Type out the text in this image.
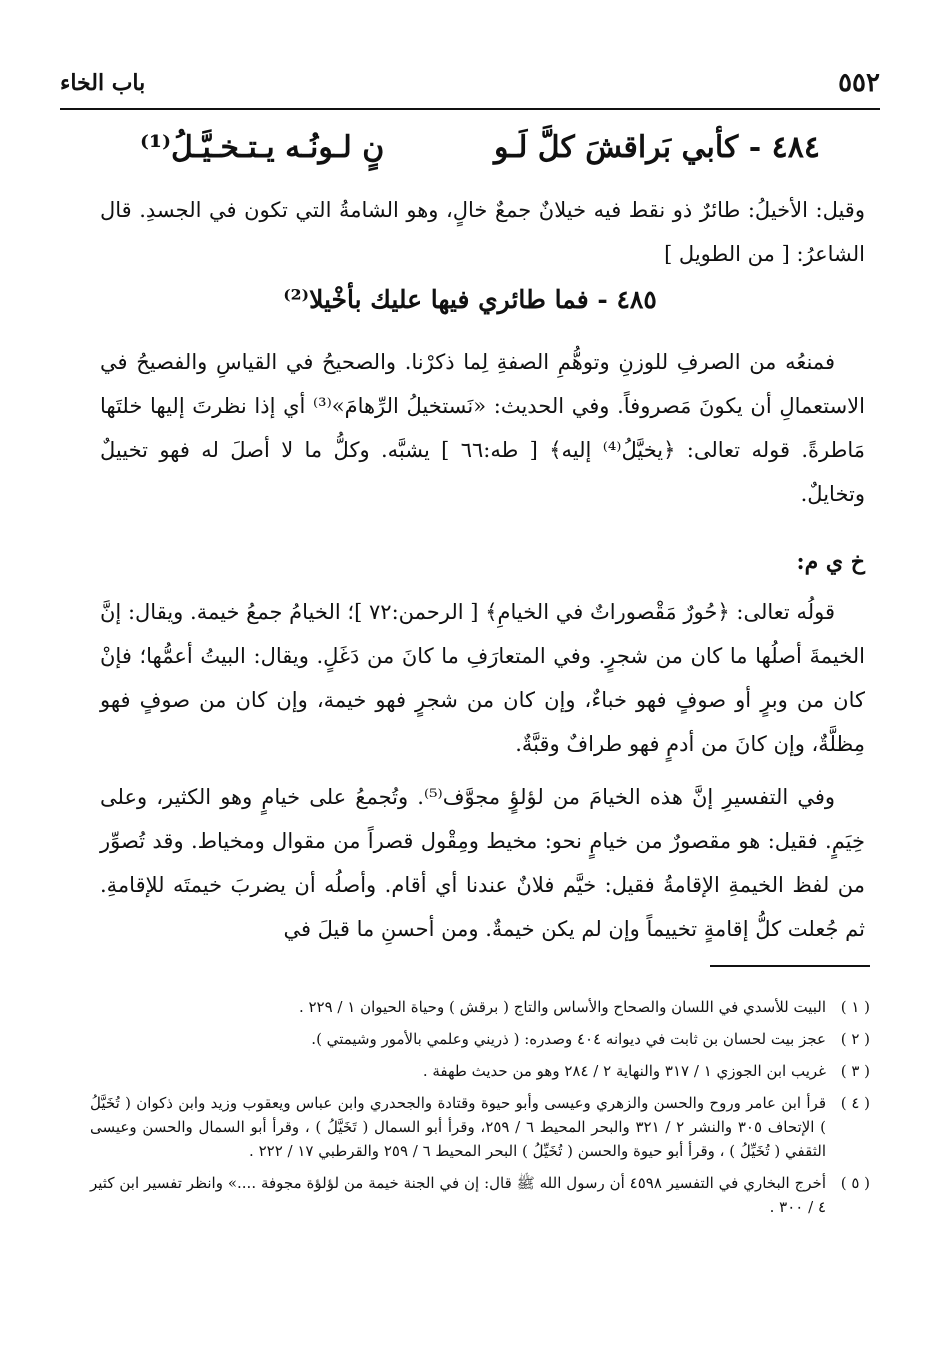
٥٥٢
باب الخاء
٤٨٤ - كأبي بَراقشَ كلَّ لَـو
نٍ لـونُـه يـتـخـيَّـلُ⁽¹⁾
وقيل: الأخيلُ: طائرٌ ذو نقط فيه خيلانٌ جمعٌ خالٍ، وهو الشامةُ التي تكون في الجسدِ. قال الشاعرُ: [ من الطويل ]
٤٨٥ - فما طائري فيها عليك بأخْيلا⁽²⁾
فمنعُه من الصرفِ للوزنِ وتوهُّمِ الصفةِ لِما ذكرْنا. والصحيحُ في القياسِ والفصيحُ في الاستعمالِ أن يكونَ مَصروفاً. وفي الحديث: «نَستخيلُ الرِّهامَ»⁽³⁾ أي إذا نظرتَ إليها خلتَها مَاطرةً. قوله تعالى: ﴿يخيَّلُ⁽⁴⁾ إليه﴾ [ طه:٦٦ ] يشبَّه. وكلُّ ما لا أصلَ له فهو تخييلٌ وتخايلٌ.
خ ي م:
قولُه تعالى: ﴿حُورٌ مَقْصوراتٌ في الخيامِ﴾ [ الرحمن:٧٢ ]؛ الخيامُ جمعُ خيمة. ويقال: إنَّ الخيمةَ أصلُها ما كان من شجرٍ. وفي المتعارَفِ ما كانَ من دَغَلٍ. ويقال: البيتُ أعمُّها؛ فإنْ كان من وبرٍ أو صوفٍ فهو خباءٌ، وإن كان من شجرٍ فهو خيمة، وإن كان من صوفٍ فهو مِظلَّةٌ، وإن كانَ من أدمٍ فهو طرافٌ وقبَّةٌ.
وفي التفسيرِ إنَّ هذه الخيامَ من لؤلؤٍ مجوَّف⁽⁵⁾. وتُجمعُ على خيامٍ وهو الكثير، وعلى خِيَمٍ. فقيل: هو مقصورٌ من خيامٍ نحو: مخيط ومِقْول قصراً من مقوال ومخياط. وقد تُصوِّر من لفظ الخيمةِ الإقامةُ فقيل: خيَّم فلانٌ عندنا أي أقام. وأصلُه أن يضربَ خيمتَه للإقامةِ. ثم جُعلت كلُّ إقامةٍ تخييماً وإن لم يكن خيمةٌ. ومن أحسنِ ما قيلَ في
( ١ )
البيت للأسدي في اللسان والصحاح والأساس والتاج ( برقش ) وحياة الحيوان ١ / ٢٢٩ .
( ٢ )
عجز بيت لحسان بن ثابت في ديوانه ٤٠٤ وصدره: ( ذريني وعلمي بالأمور وشيمتي ).
( ٣ )
غريب ابن الجوزي ١ / ٣١٧ والنهاية ٢ / ٢٨٤ وهو من حديث طهفة .
( ٤ )
قرأ ابن عامر وروح والحسن والزهري وعيسى وأبو حيوة وقتادة والجحدري وابن عباس ويعقوب وزيد وابن ذكوان ( تُخَيَّلُ ) الإتحاف ٣٠٥ والنشر ٢ / ٣٢١ والبحر المحيط ٦ / ٢٥٩، وقرأ أبو السمال ( تَخَيَّلُ ) ، وقرأ أبو السمال والحسن وعيسى الثقفي ( تُخَيِّلُ ) ، وقرأ أبو حيوة والحسن ( تُخَيِّلُ ) البحر المحيط ٦ / ٢٥٩ والقرطبي ١٧ / ٢٢٢ .
( ٥ )
أخرج البخاري في التفسير ٤٥٩٨ أن رسول الله ﷺ قال: إن في الجنة خيمة من لؤلؤة مجوفة ....» وانظر تفسير ابن كثير ٤ / ٣٠٠ .
